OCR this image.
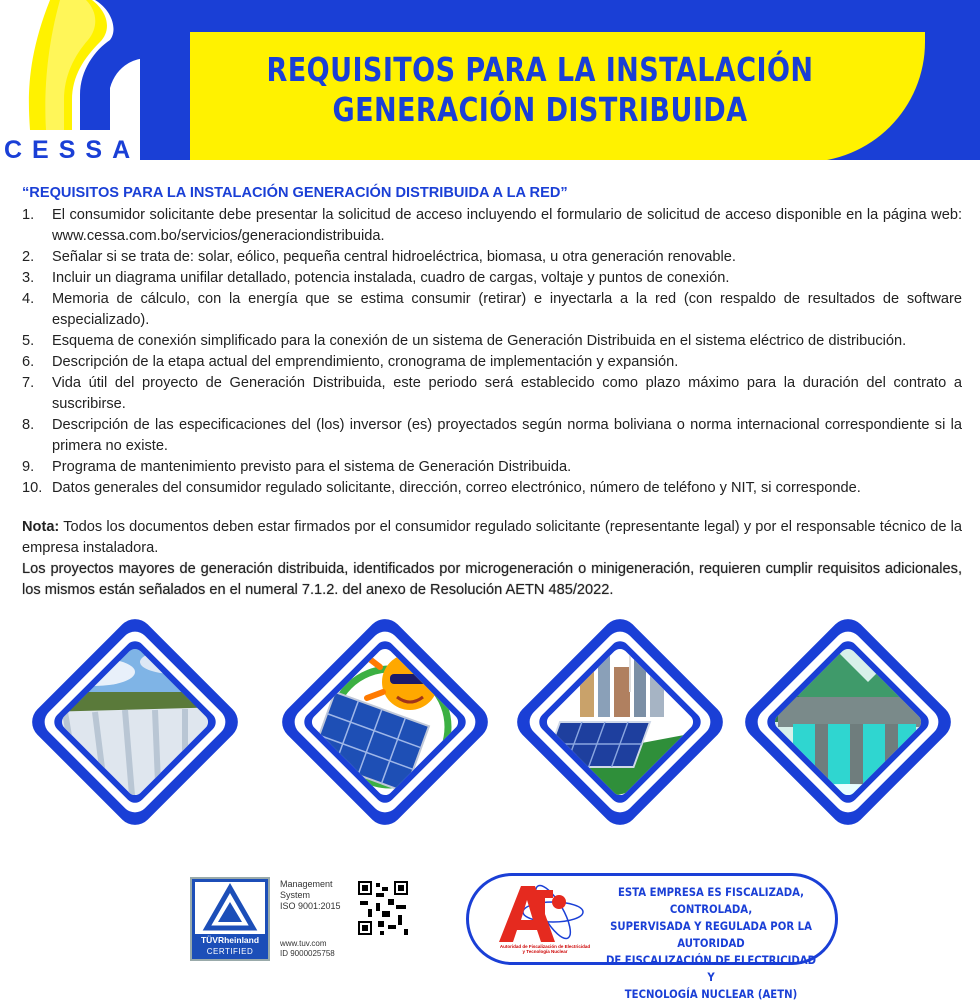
CESSA
REQUISITOS PARA LA INSTALACIÓN
GENERACIÓN DISTRIBUIDA
“REQUISITOS PARA LA INSTALACIÓN GENERACIÓN DISTRIBUIDA A LA RED”
1.	El consumidor solicitante debe presentar la solicitud de acceso incluyendo el formulario de solicitud de acceso disponible en la página web: www.cessa.com.bo/servicios/generaciondistribuida.
2.	Señalar si se trata de: solar, eólico, pequeña central hidroeléctrica, biomasa, u otra generación renovable.
3.	Incluir un diagrama unifilar detallado, potencia instalada, cuadro de cargas, voltaje y puntos de conexión.
4.	Memoria de cálculo, con la energía que se estima consumir (retirar) e inyectarla a la red (con respaldo de resultados de software especializado).
5.	Esquema de conexión simplificado para la conexión de un sistema de Generación Distribuida en el sistema eléctrico de distribución.
6.	Descripción de la etapa actual del emprendimiento, cronograma de implementación y expansión.
7.	Vida útil del proyecto de Generación Distribuida, este periodo será establecido como plazo máximo para la duración del contrato a suscribirse.
8.	Descripción de las especificaciones del (los) inversor (es) proyectados según norma boliviana o norma internacional correspondiente si la primera no existe.
9.	Programa de mantenimiento previsto para el sistema de Generación Distribuida.
10. Datos generales del consumidor regulado solicitante, dirección, correo electrónico, número de teléfono y NIT, si corresponde.

Nota: Todos los documentos deben estar firmados por el consumidor regulado solicitante (representante legal) y por el responsable técnico de la empresa instaladora.

Los proyectos mayores de generación distribuida, identificados por microgeneración o minigeneración, requieren cumplir requisitos adicionales, los mismos están señalados en el numeral 7.1.2. del anexo de Resolución AETN 485/2022.

TÜVRheinland
CERTIFIED
Management
System
ISO 9001:2015
www.tuv.com
ID 9000025758
Autoridad de Fiscalización de Electricidad y Tecnología Nuclear
ESTA EMPRESA ES FISCALIZADA, CONTROLADA,
SUPERVISADA Y REGULADA POR LA AUTORIDAD
DE FISCALIZACIÓN DE ELECTRICIDAD Y
TECNOLOGÍA NUCLEAR (AETN)
